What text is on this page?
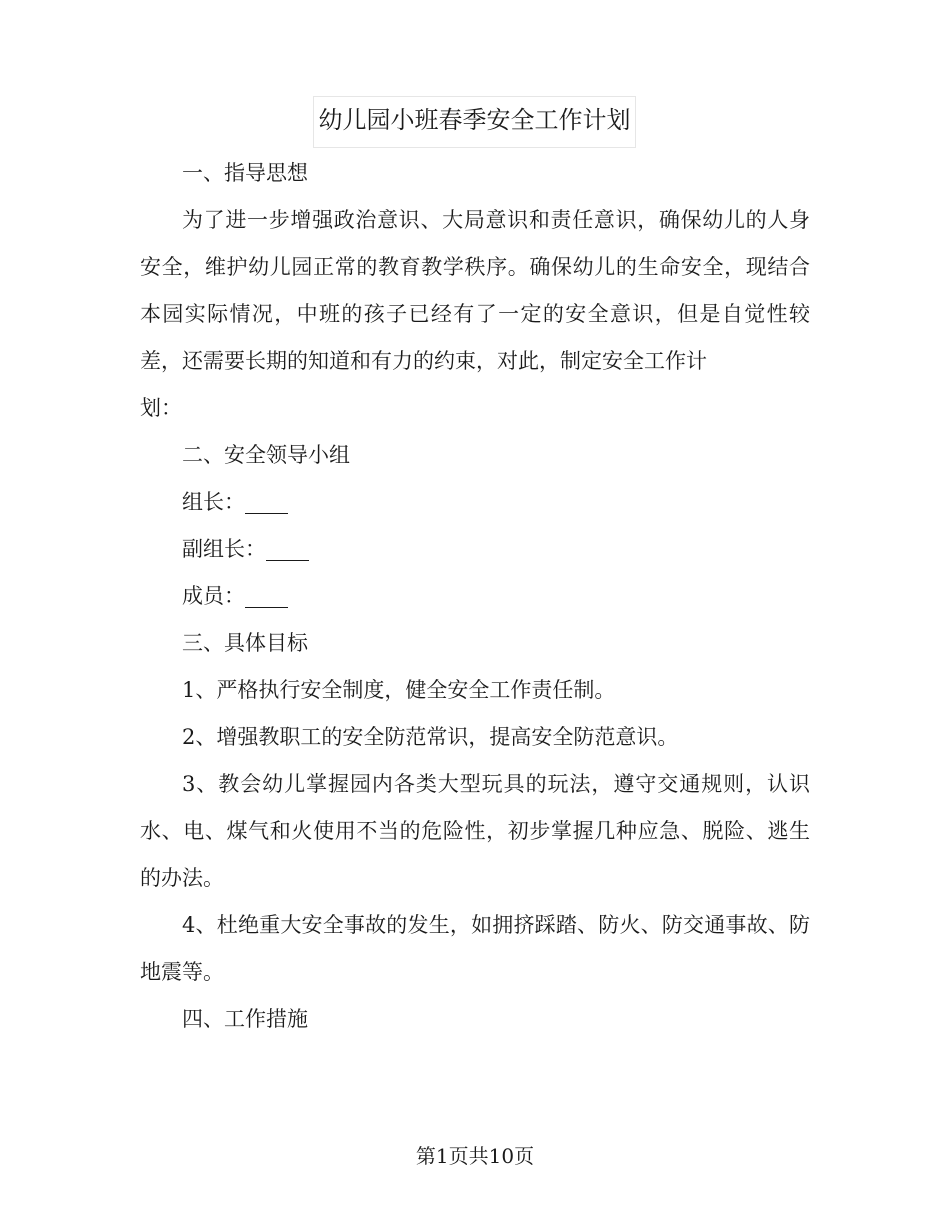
幼儿园小班春季安全工作计划

一、指导思想

为了进一步增强政治意识、大局意识和责任意识，确保幼儿的人身安全，维护幼儿园正常的教育教学秩序。确保幼儿的生命安全，现结合本园实际情况，中班的孩子已经有了一定的安全意识，但是自觉性较差，还需要长期的知道和有力的约束，对此，制定安全工作计
划：

二、安全领导小组

组长：

副组长：

成员：

三、具体目标

1、严格执行安全制度，健全安全工作责任制。

2、增强教职工的安全防范常识，提高安全防范意识。

3、教会幼儿掌握园内各类大型玩具的玩法，遵守交通规则，认识水、电、煤气和火使用不当的危险性，初步掌握几种应急、脱险、逃生的办法。

4、杜绝重大安全事故的发生，如拥挤踩踏、防火、防交通事故、防地震等。

四、工作措施

第1页共10页
